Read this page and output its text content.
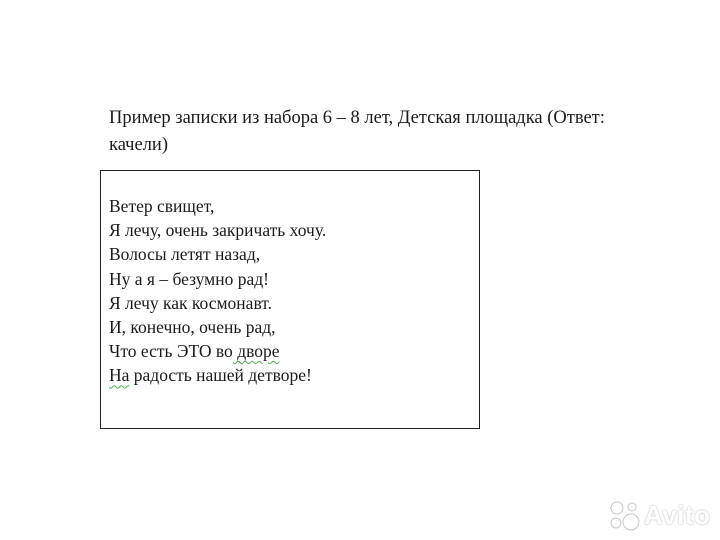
Пример записки из набора 6 – 8 лет, Детская площадка (Ответ:
качели)

Ветер свищет,

Я лечу, очень закричать хочу.

Волосы летят назад,

Ну а я – безумно рад!

Я лечу как космонавт.

И, конечно, очень рад,

Что есть ЭТО во дворе

На радость нашей детворе!

Avito
